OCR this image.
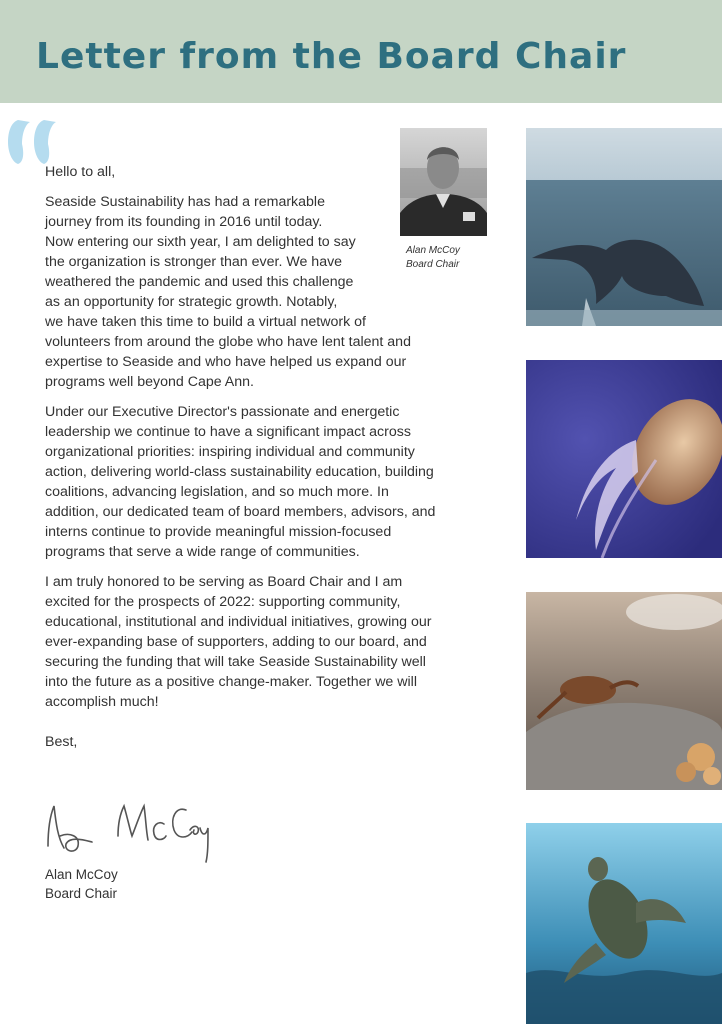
Letter from the Board Chair

Hello to all,

Seaside Sustainability has had a remarkable
journey from its founding in 2016 until today.
Now entering our sixth year, I am delighted to say
the organization is stronger than ever. We have
weathered the pandemic and used this challenge
as an opportunity for strategic growth. Notably,
we have taken this time to build a virtual network of
volunteers from around the globe who have lent talent and
expertise to Seaside and who have helped us expand our
programs well beyond Cape Ann.

Under our Executive Director's passionate and energetic leadership we continue to have a significant impact across organizational priorities: inspiring individual and community action, delivering world-class sustainability education, building coalitions, advancing legislation, and so much more. In addition, our dedicated team of board members, advisors, and interns continue to provide meaningful mission-focused programs that serve a wide range of communities.

I am truly honored to be serving as Board Chair and I am excited for the prospects of 2022: supporting community, educational, institutional and individual initiatives, growing our ever-expanding base of supporters, adding to our board, and securing the funding that will take Seaside Sustainability well into the future as a positive change-maker. Together we will accomplish much!

Best,

Alan McCoy
Board Chair
Alan McCoy
Board Chair
